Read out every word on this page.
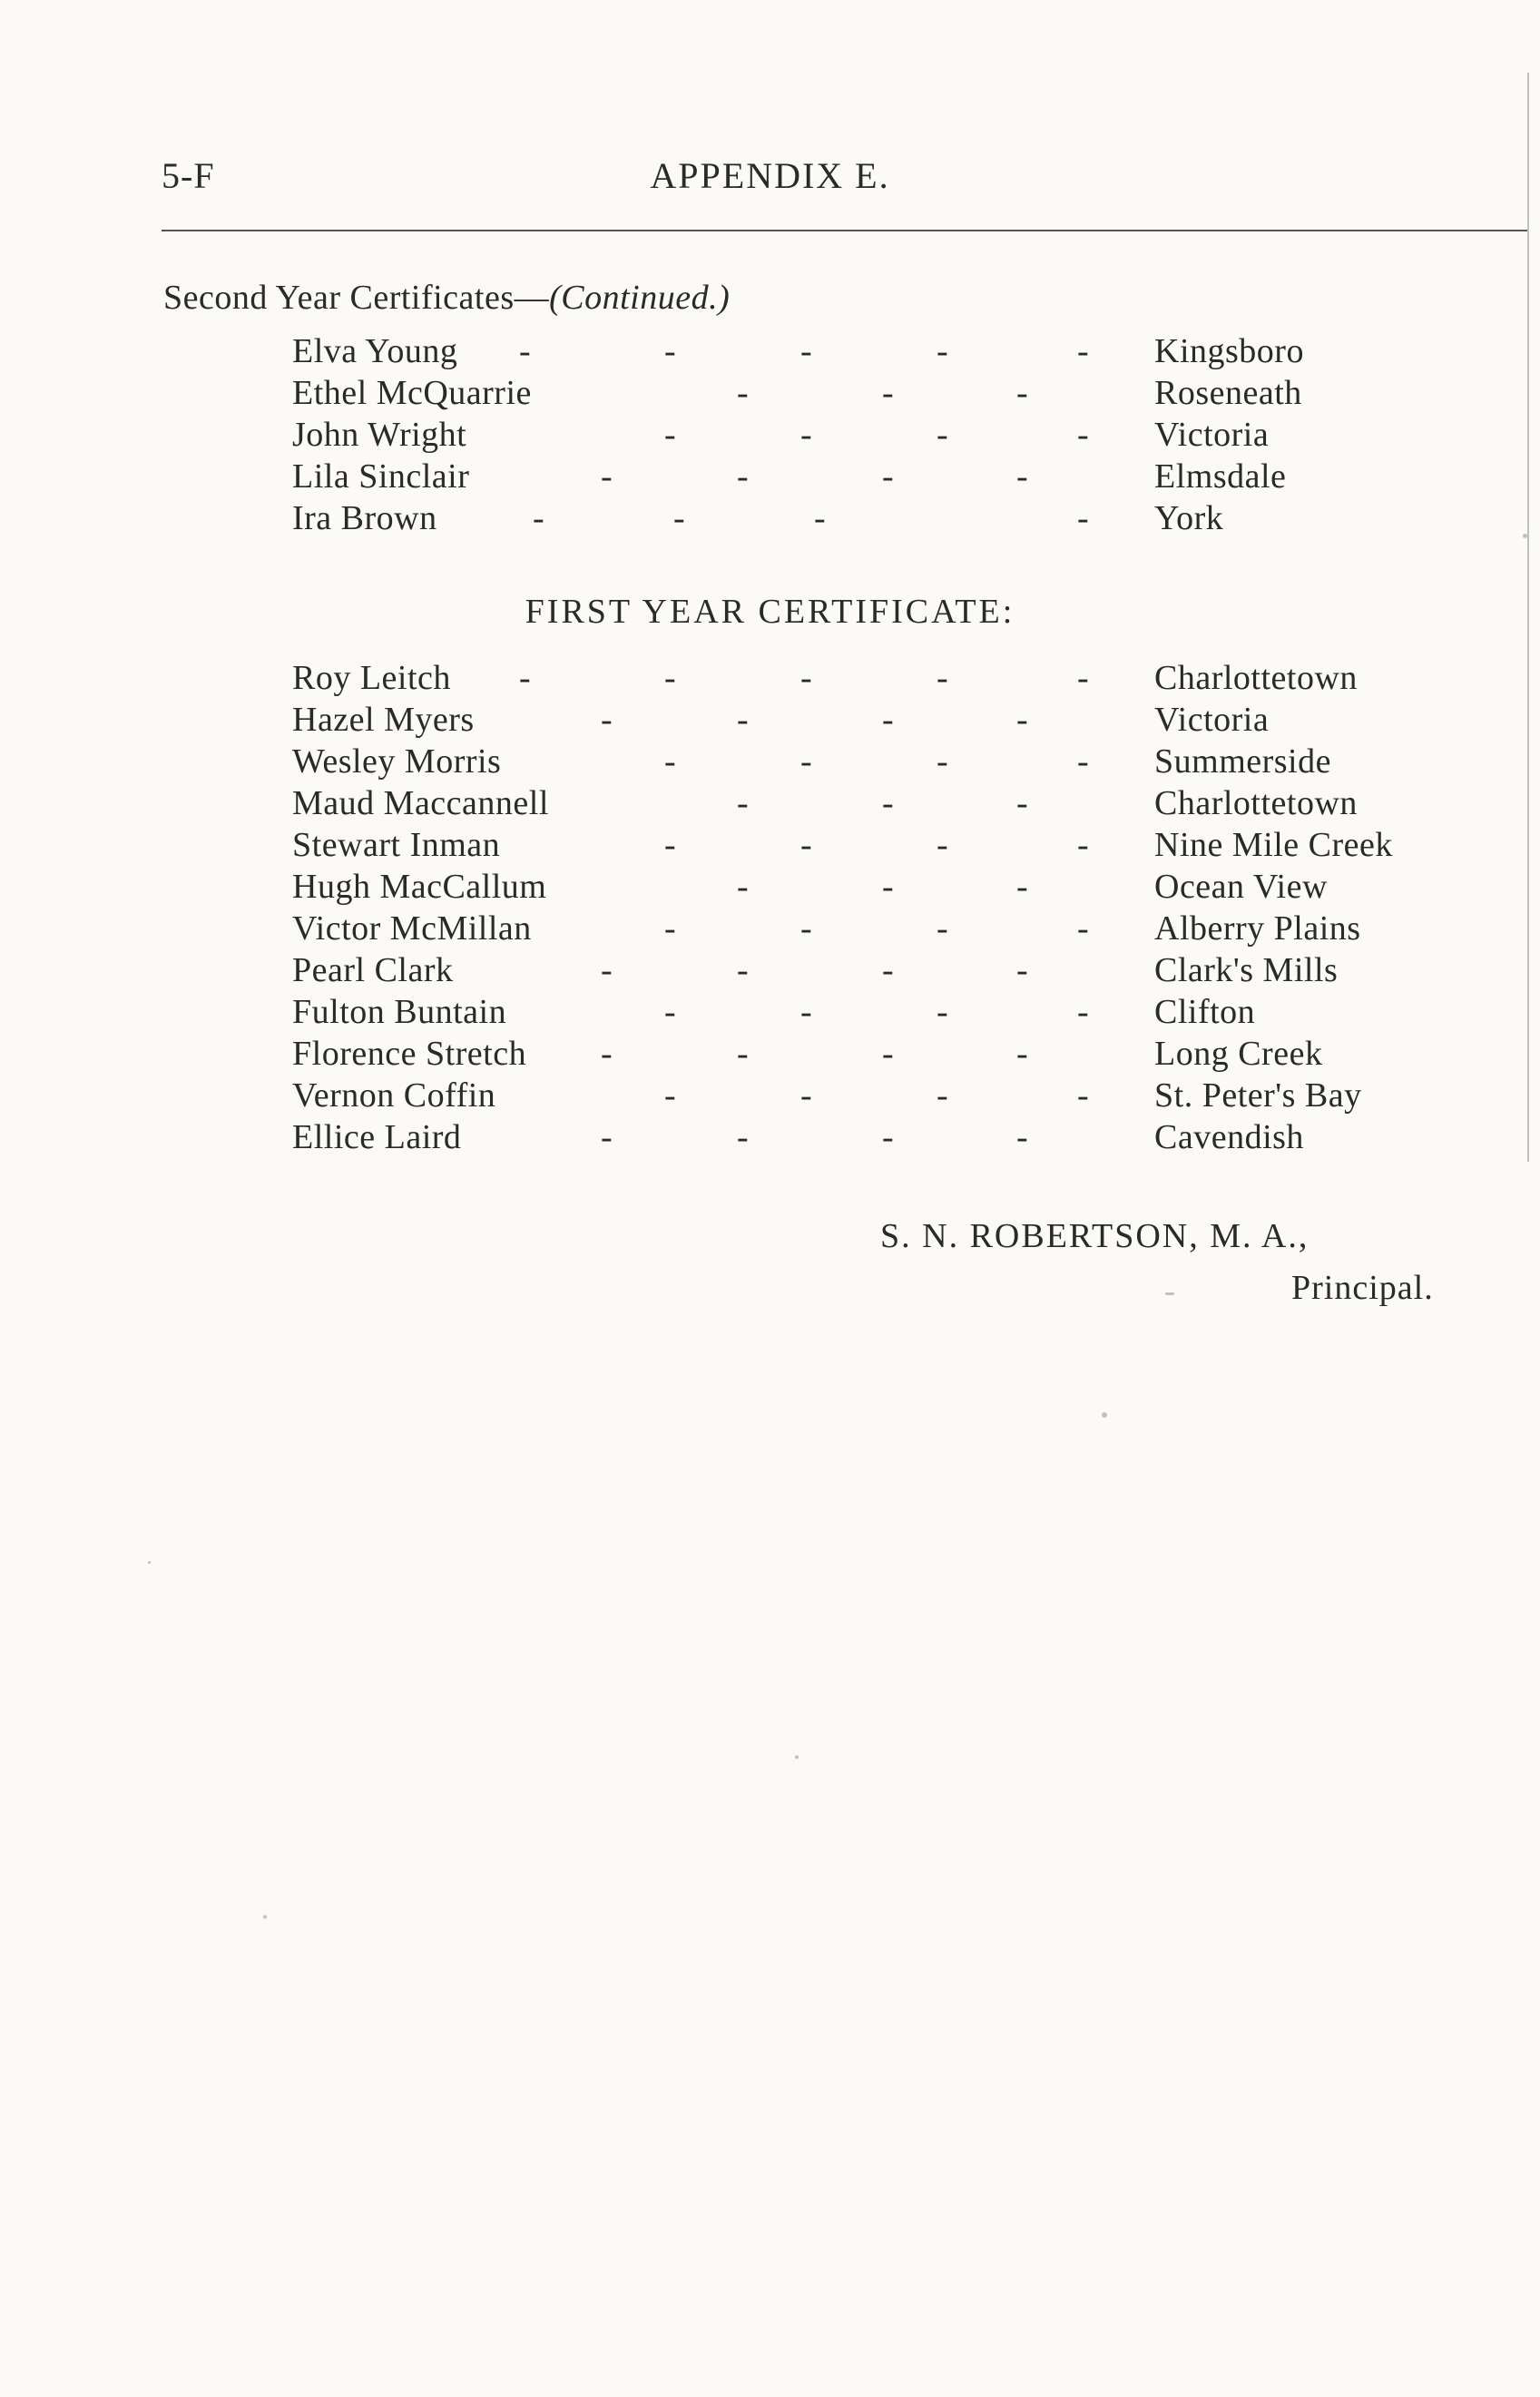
5-F	APPENDIX E.
Second Year Certificates—(Continued.)
Elva Young -	-	-	-	- Kingsboro
Ethel McQuarrie	-	-	-	Roseneath
John Wright	-	-	-	- Victoria
Lila Sinclair	-	-	-	-	Elmsdale
Ira Brown	-	-	-	- York
FIRST YEAR CERTIFICATE:
Roy Leitch -	-	-	-	- Charlottetown
Hazel Myers	-	-	-	-	Victoria
Wesley Morris	-	-	-	- Summerside
Maud Maccannell	-	-	-	Charlottetown
Stewart Inman	-	-	-	- Nine Mile Creek
Hugh MacCallum	-	-	-	Ocean View
Victor McMillan	-	-	-	- Alberry Plains
Pearl Clark	-	-	-	-	Clark's Mills
Fulton Buntain	-	-	-	- Clifton
Florence Stretch -	-	-	-	Long Creek
Vernon Coffin	-	-	-	- St. Peter's Bay
Ellice Laird	-	-	-	-	Cavendish
S. N. ROBERTSON, M. A.,
Principal.
